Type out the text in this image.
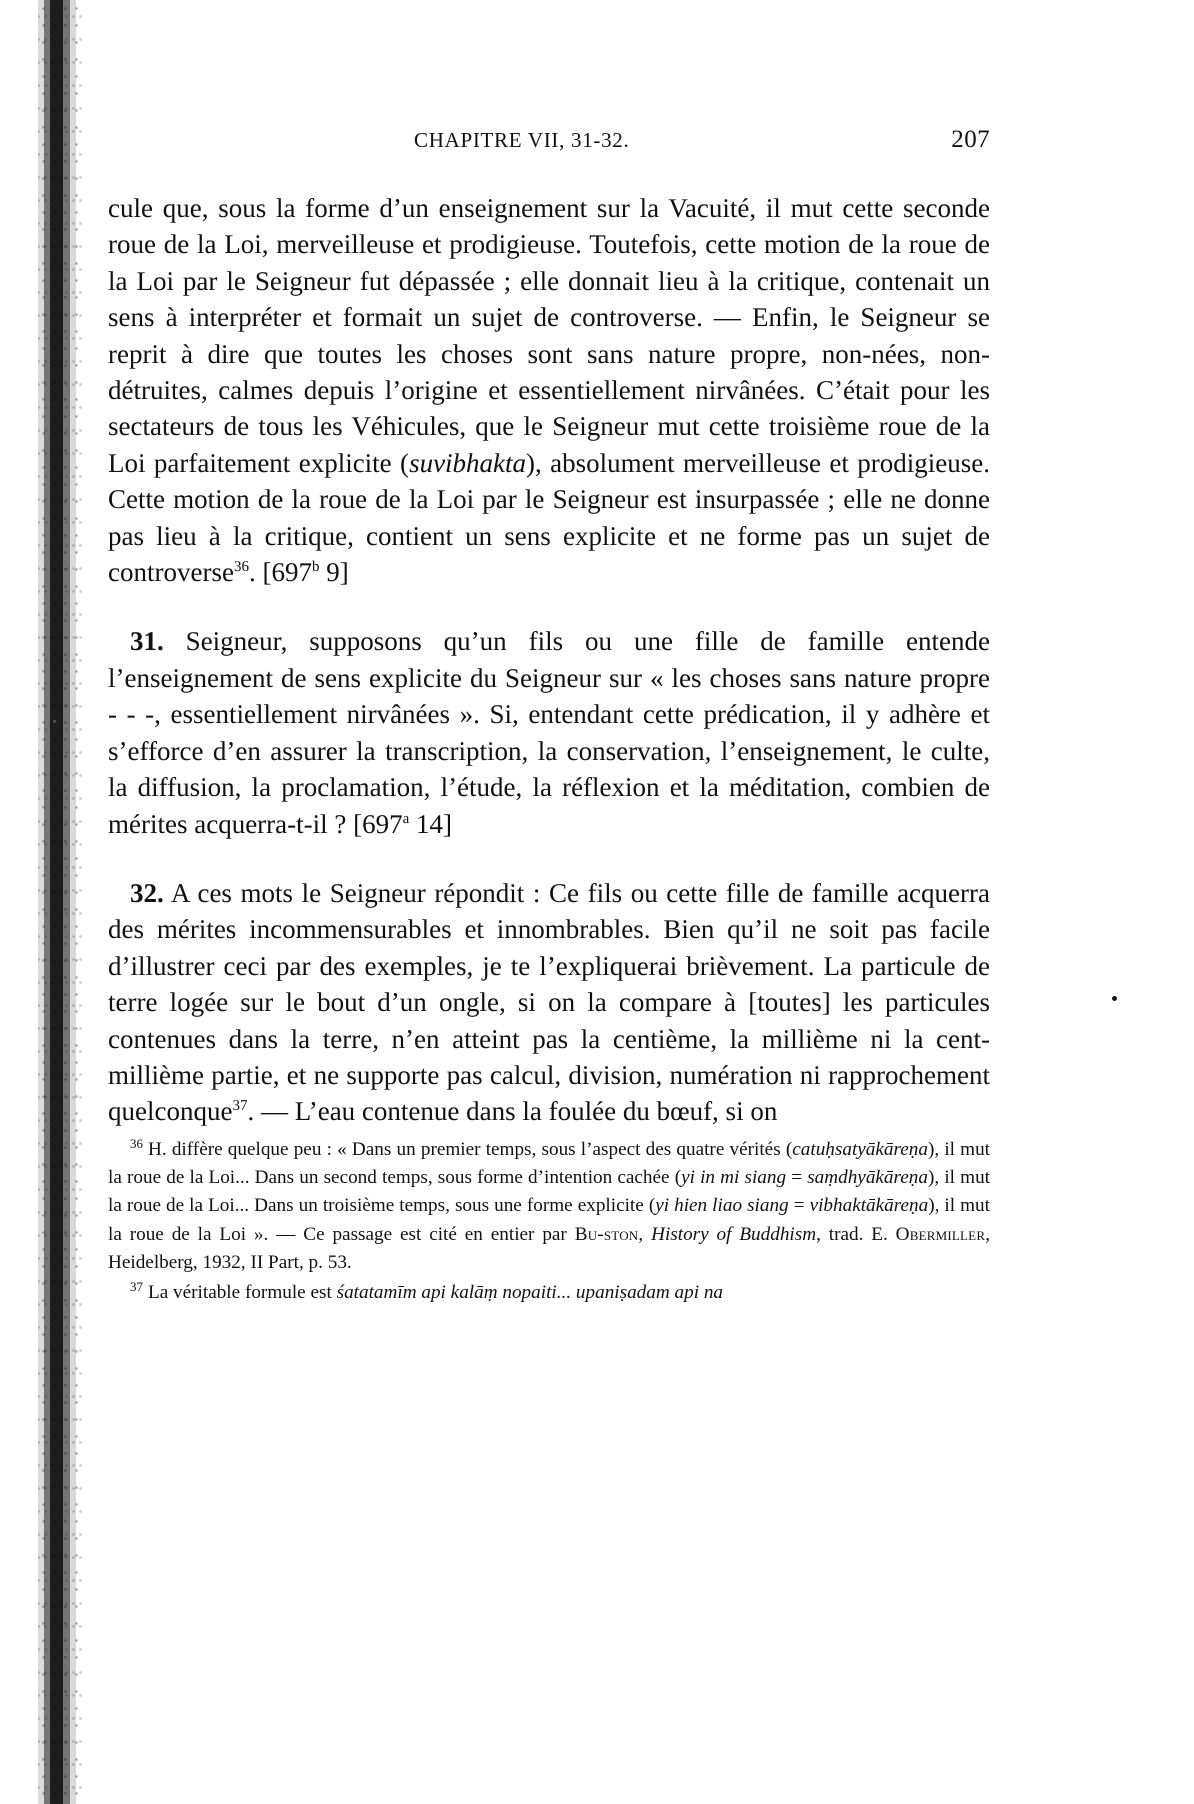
CHAPITRE VII, 31-32.	207

cule que, sous la forme d’un enseignement sur la Vacuité, il mut cette seconde roue de la Loi, merveilleuse et prodigieuse. Toutefois, cette motion de la roue de la Loi par le Seigneur fut dépassée ; elle donnait lieu à la critique, contenait un sens à interpréter et formait un sujet de controverse. — Enfin, le Seigneur se reprit à dire que toutes les choses sont sans nature propre, non-nées, non-détruites, calmes depuis l’origine et essentiellement nirvânées. C’était pour les sectateurs de tous les Véhicules, que le Seigneur mut cette troisième roue de la Loi parfaitement explicite (suvibhakta), absolument merveilleuse et prodigieuse. Cette motion de la roue de la Loi par le Seigneur est insurpassée ; elle ne donne pas lieu à la critique, contient un sens explicite et ne forme pas un sujet de controverse$^{36}$. [697$^b$ 9]

31. Seigneur, supposons qu’un fils ou une fille de famille entende l’enseignement de sens explicite du Seigneur sur « les choses sans nature propre - - -, essentiellement nirvânées ». Si, entendant cette prédication, il y adhère et s’efforce d’en assurer la transcription, la conservation, l’enseignement, le culte, la diffusion, la proclamation, l’étude, la réflexion et la méditation, combien de mérites acquerra-t-il ? [697$^a$ 14]

32. A ces mots le Seigneur répondit : Ce fils ou cette fille de famille acquerra des mérites incommensurables et innombrables. Bien qu’il ne soit pas facile d’illustrer ceci par des exemples, je te l’expliquerai brièvement. La particule de terre logée sur le bout d’un ongle, si on la compare à [toutes] les particules contenues dans la terre, n’en atteint pas la centième, la millième ni la cent-millième partie, et ne supporte pas calcul, division, numération ni rapprochement quelconque$^{37}$. — L’eau contenue dans la foulée du bœuf, si on

$^{36}$ H. diffère quelque peu : « Dans un premier temps, sous l’aspect des quatre vérités (catuḥsatyākāreṇa), il mut la roue de la Loi... Dans un second temps, sous forme d’intention cachée (yi in mi siang = saṃdhyākāreṇa), il mut la roue de la Loi... Dans un troisième temps, sous une forme explicite (yi hien liao siang = vibhaktākāreṇa), il mut la roue de la Loi ». — Ce passage est cité en entier par Bu-ston, History of Buddhism, trad. E. Obermiller, Heidelberg, 1932, II Part, p. 53.

$^{37}$ La véritable formule est śatatamīm api kalāṃ nopaiti... upaniṣadam api na
